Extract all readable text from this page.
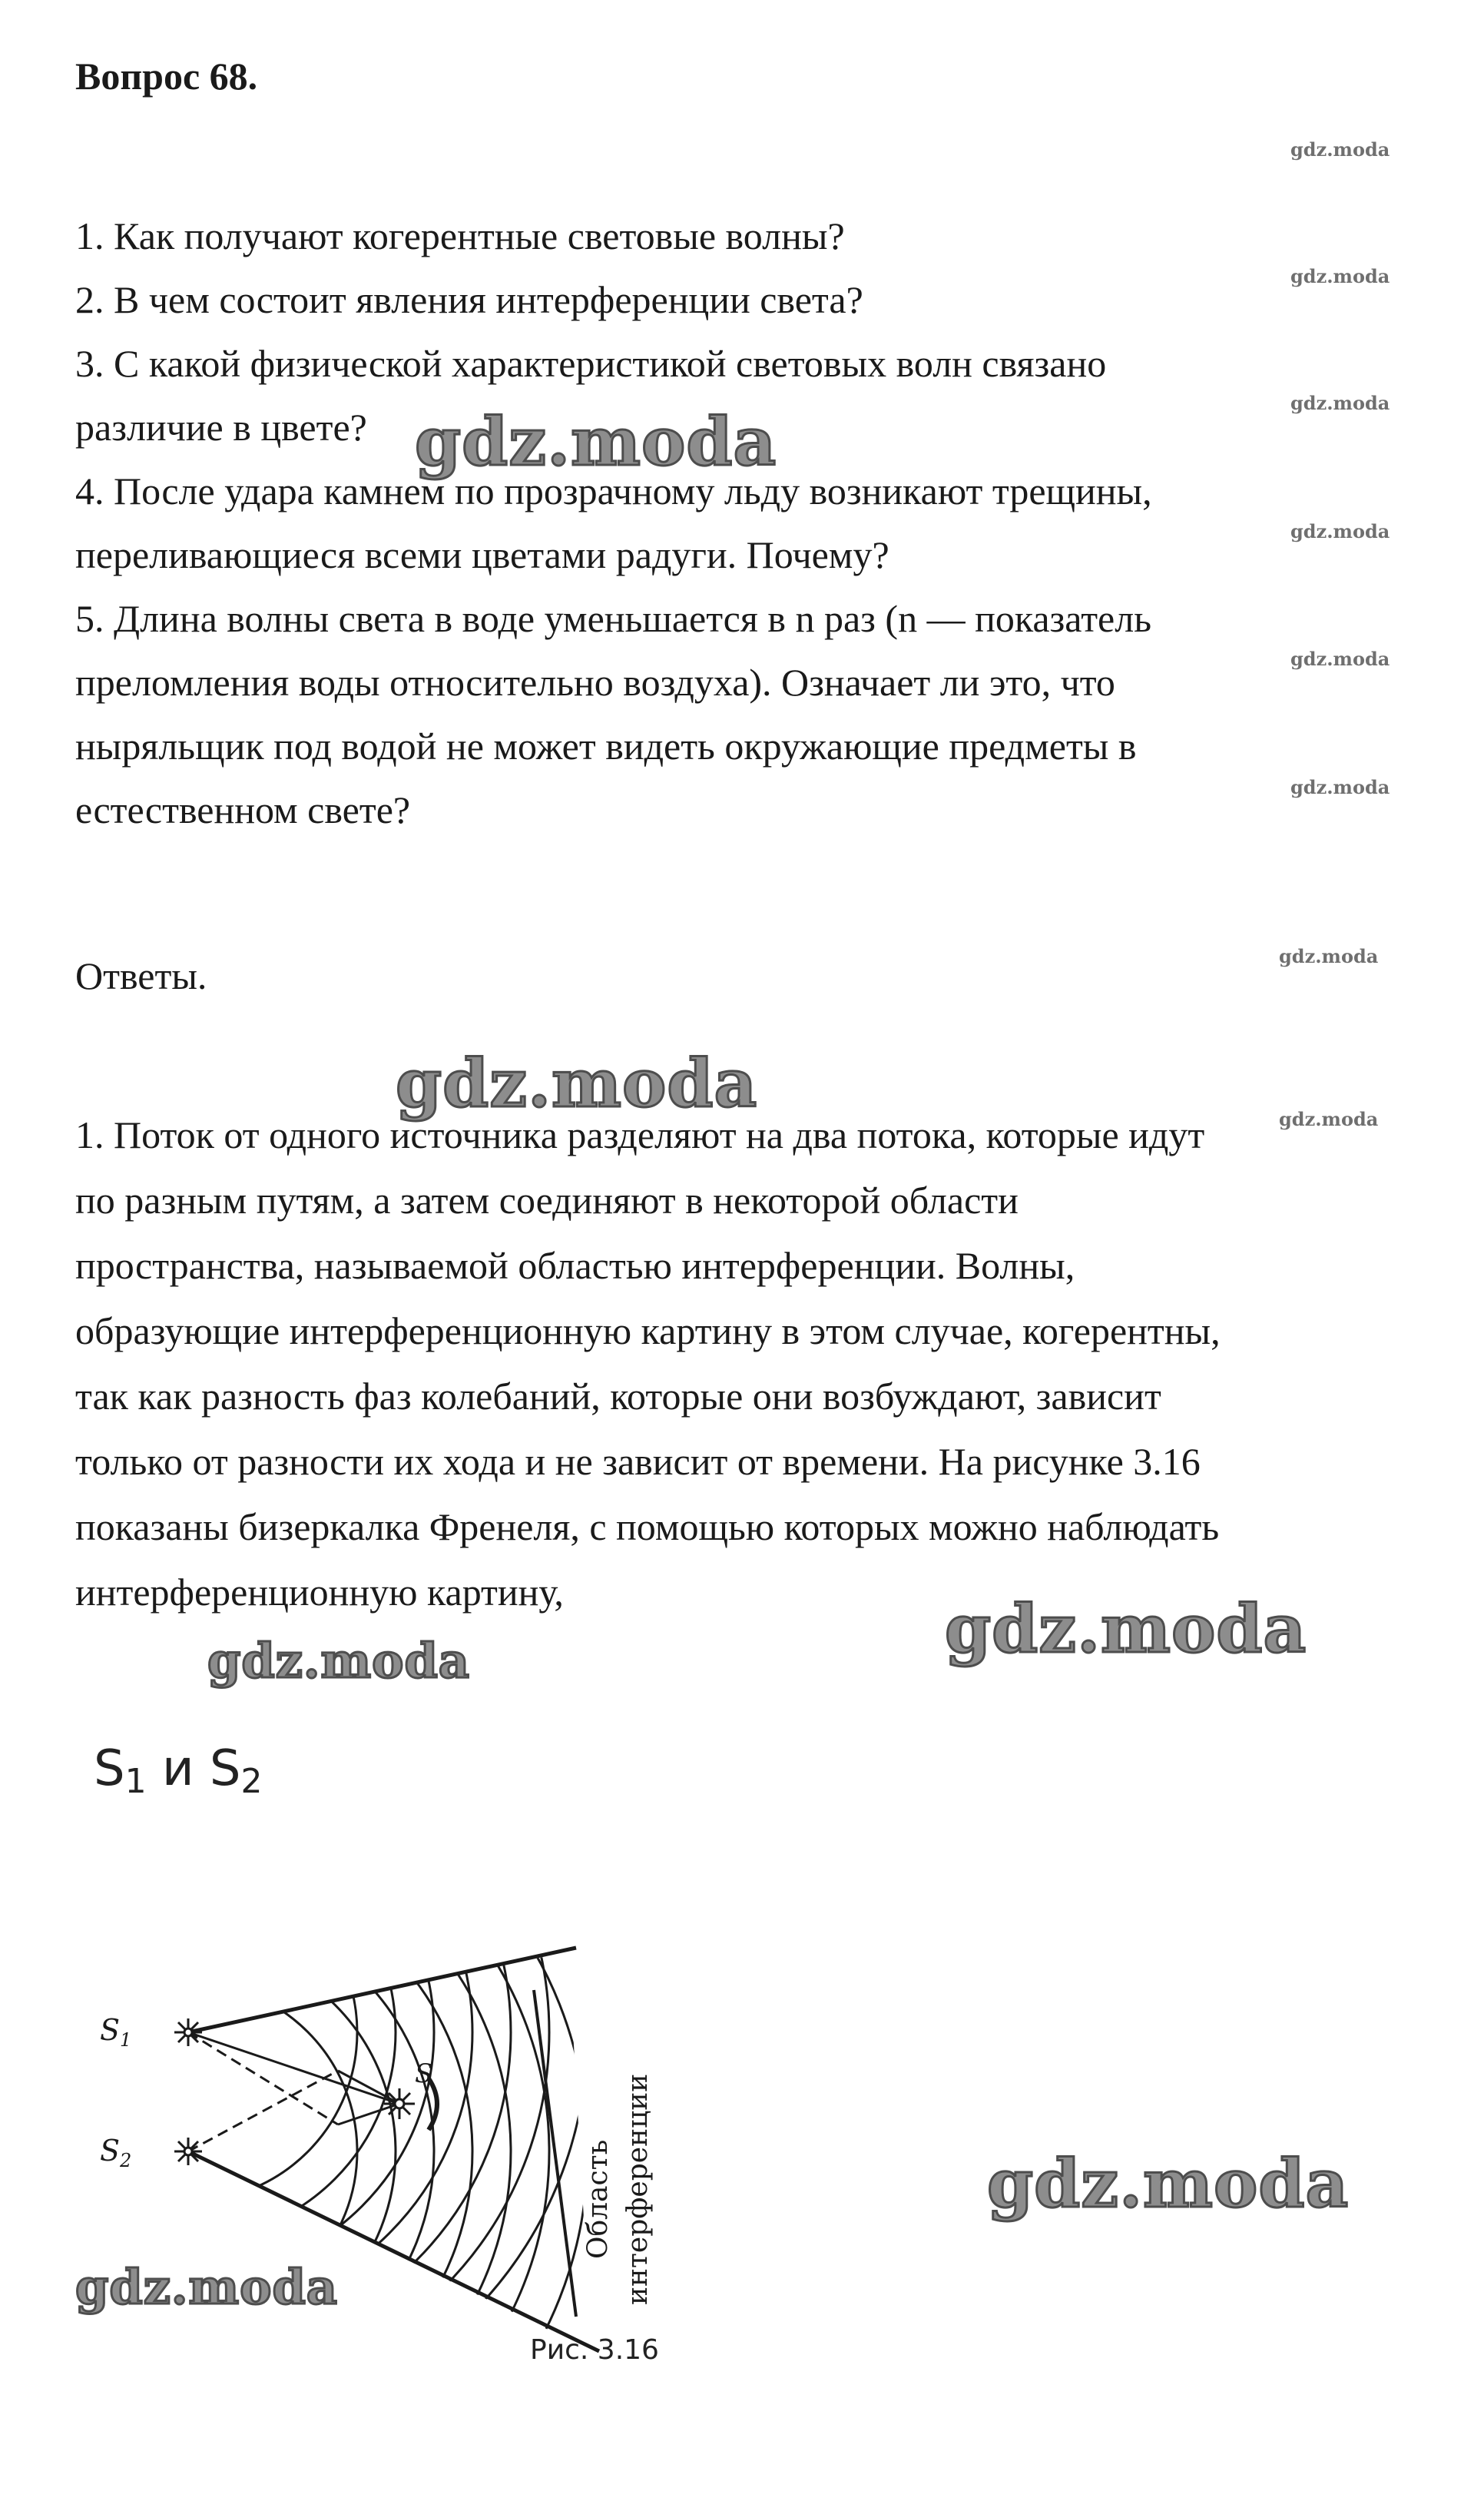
Вопрос 68.

1. Как получают когерентные световые волны?

2. В чем состоит явления интерференции света?

3. С какой физической характеристикой световых волн связано

различие в цвете?

4. После удара камнем по прозрачному льду возникают трещины,

переливающиеся всеми цветами радуги. Почему?

5. Длина волны света в воде уменьшается в n раз (n — показатель

преломления воды относительно воздуха). Означает ли это, что

ныряльщик под водой не может видеть окружающие предметы в

естественном свете?

Ответы.

1. Поток от одного источника разделяют на два потока, которые идут

по разным путям, а затем соединяют в некоторой области

пространства, называемой областью интерференции. Волны,

образующие интерференционную картину в этом случае, когерентны,

так как разность фаз колебаний, которые они возбуждают, зависит

только от разности их хода и не зависит от времени. На рисунке 3.16

показаны бизеркалка Френеля, с помощью которых можно наблюдать

интерференционную картину,

gdz.moda
gdz.moda
gdz.moda
gdz.moda
gdz.moda
gdz.moda
gdz.moda
gdz.moda
gdz.moda
gdz.moda
gdz.moda
gdz.moda
gdz.moda
gdz.moda
$S_1$ и $S_2$
$S_1$
$S_2$
S
Область интерференции
Рис. 3.16
